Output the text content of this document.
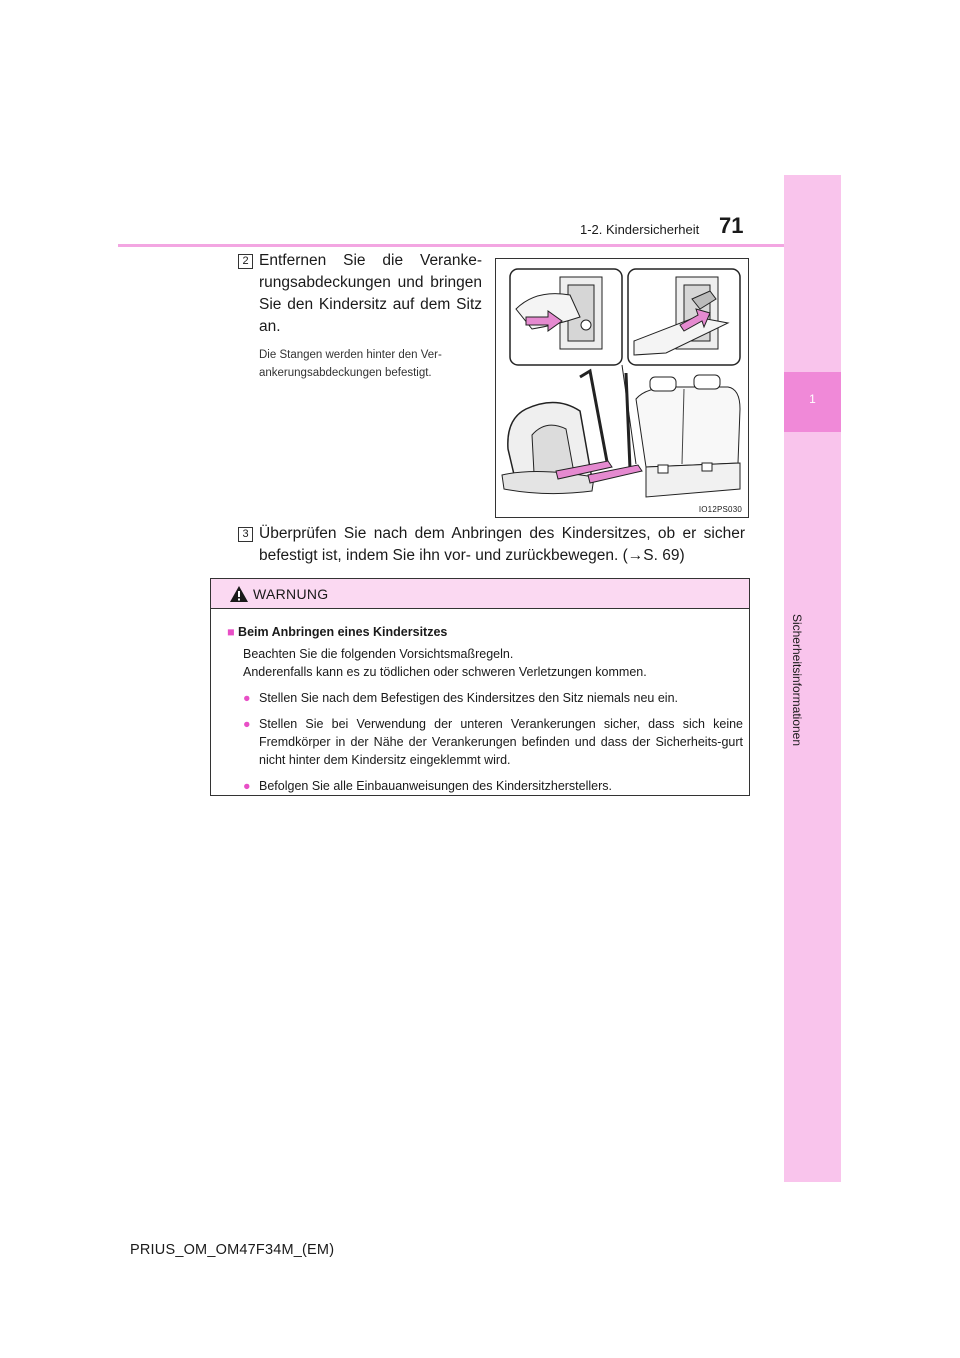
1
Sicherheitsinformationen
1-2. Kindersicherheit 71
2 Entfernen Sie die Veranke-rungsabdeckungen und bringen Sie den Kindersitz auf dem Sitz an.
Die Stangen werden hinter den Ver-ankerungsabdeckungen befestigt.
IO12PS030
3 Überprüfen Sie nach dem Anbringen des Kindersitzes, ob er sicher befestigt ist, indem Sie ihn vor- und zurückbewegen. (→S. 69)
WARNUNG

■ Beim Anbringen eines Kindersitzes

Beachten Sie die folgenden Vorsichtsmaßregeln.

Anderenfalls kann es zu tödlichen oder schweren Verletzungen kommen.

● Stellen Sie nach dem Befestigen des Kindersitzes den Sitz niemals neu ein.
● Stellen Sie bei Verwendung der unteren Verankerungen sicher, dass sich keine Fremdkörper in der Nähe der Verankerungen befinden und dass der Sicherheits-gurt nicht hinter dem Kindersitz eingeklemmt wird.
● Befolgen Sie alle Einbauanweisungen des Kindersitzherstellers.
PRIUS_OM_OM47F34M_(EM)
